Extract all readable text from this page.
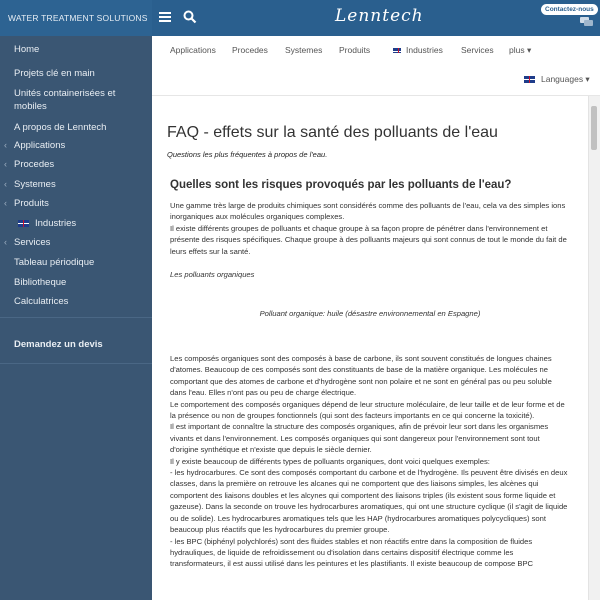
WATER TREATMENT SOLUTIONS	Lenntech	Contactez-nous
Home
Projets clé en main
Unités containerisées et mobiles
A propos de Lenntech
‹ Applications
‹ Procedes
‹ Systemes
‹ Produits
Industries
‹ Services
Tableau périodique
Bibliotheque
Calculatrices
Demandez un devis
Applications Procedes Systemes Produits	Industries Services plus ▾
Languages ▾
FAQ - effets sur la santé des polluants de l'eau
Questions les plus fréquentes à propos de l'eau.
Quelles sont les risques provoqués par les polluants de l'eau?
Une gamme très large de produits chimiques sont considérés comme des polluants de l'eau, cela va des simples ions inorganiques aux molécules organiques complexes.
Il existe différents groupes de polluants et chaque groupe à sa façon propre de pénétrer dans l'environnement et présente des risques spécifiques. Chaque groupe à des polluants majeurs qui sont connus de tout le monde du fait de leurs effets sur la santé.
Les polluants organiques
Polluant organique: huile (désastre environnemental en Espagne)
Les composés organiques sont des composés à base de carbone, ils sont souvent constitués de longues chaines d'atomes. Beaucoup de ces composés sont des constituants de base de la matière organique. Les molécules ne comportant que des atomes de carbone et d'hydrogène sont non polaire et ne sont en général pas ou peu soluble dans l'eau. Elles n'ont pas ou peu de charge électrique.
Le comportement des composés organiques dépend de leur structure moléculaire, de leur taille et de leur forme et de la présence ou non de groupes fonctionnels (qui sont des facteurs importants en ce qui concerne la toxicité).
Il est important de connaître la structure des composés organiques, afin de prévoir leur sort dans les organismes vivants et dans l'environnement. Les composés organiques qui sont dangereux pour l'environnement sont tout d'origine synthétique et n'existe que depuis le siècle dernier.
Il y existe beaucoup de différents types de polluants organiques, dont voici quelques exemples:
- les hydrocarbures. Ce sont des composés comportant du carbone et de l'hydrogène. Ils peuvent être divisés en deux classes, dans la première on retrouve les alcanes qui ne comportent que des liaisons simples, les alcènes qui comportent des liaisons doubles et les alcynes qui comportent des liaisons triples (ils existent sous forme liquide et gazeuse). Dans la seconde on trouve les hydrocarbures aromatiques, qui ont une structure cyclique (il s'agit de liquide ou de solide). Les hydrocarbures aromatiques tels que les HAP (hydrocarbures aromatiques polycycliques) sont beaucoup plus réactifs que les hydrocarbures du premier groupe.
- les BPC (biphényl polychlorés) sont des fluides stables et non réactifs entre dans la composition de fluides hydrauliques, de liquide de refroidissement ou d'isolation dans certains dispositif électrique comme les transformateurs, il est aussi utilisé dans les peintures et les plastifiants. Il existe beaucoup de compose BPC
